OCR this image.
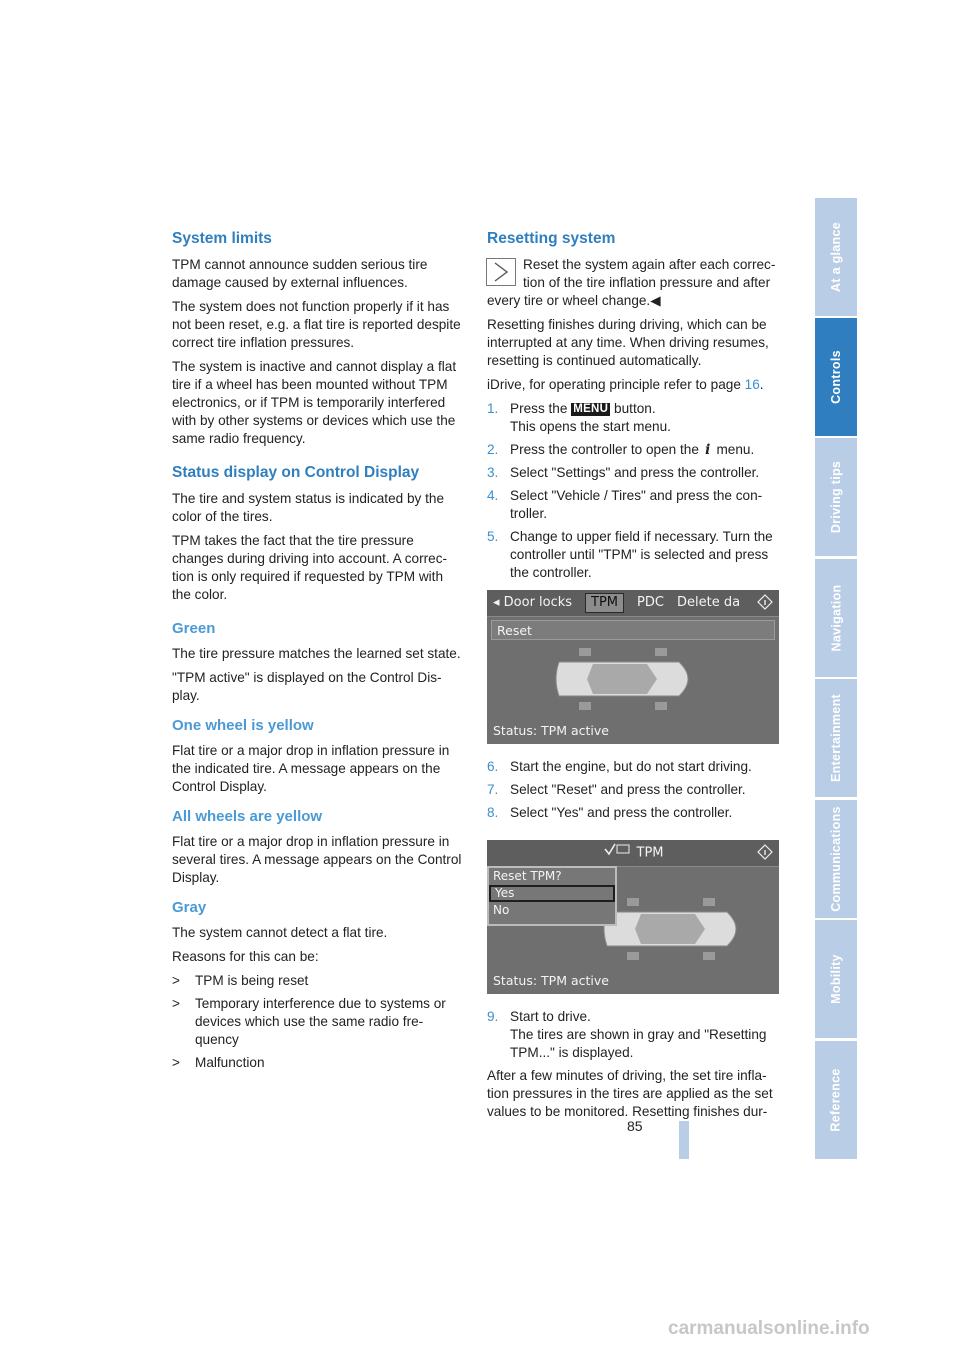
System limits

TPM cannot announce sudden serious tire damage caused by external influences.

The system does not function properly if it has not been reset, e.g. a flat tire is reported despite correct tire inflation pressures.

The system is inactive and cannot display a flat tire if a wheel has been mounted without TPM electronics, or if TPM is temporarily interfered with by other systems or devices which use the same radio frequency.

Status display on Control Display

The tire and system status is indicated by the color of the tires.

TPM takes the fact that the tire pressure changes during driving into account. A correc-tion is only required if requested by TPM with the color.

Green

The tire pressure matches the learned set state.

"TPM active" is displayed on the Control Dis-play.

One wheel is yellow

Flat tire or a major drop in inflation pressure in the indicated tire. A message appears on the Control Display.

All wheels are yellow

Flat tire or a major drop in inflation pressure in several tires. A message appears on the Control Display.

Gray

The system cannot detect a flat tire.

Reasons for this can be:

> TPM is being reset
> Temporary interference due to systems or devices which use the same radio fre-quency
> Malfunction
Resetting system
Reset the system again after each correc-tion of the tire inflation pressure and after
every tire or wheel change.◀

Resetting finishes during driving, which can be interrupted at any time. When driving resumes, resetting is continued automatically.

iDrive, for operating principle refer to page 16.

1. Press the MENU button.
This opens the start menu.
2. Press the controller to open the i menu.
3. Select "Settings" and press the controller.
4. Select "Vehicle / Tires" and press the con-troller.
5. Change to upper field if necessary. Turn the controller until "TPM" is selected and press the controller.
◂ Door locks	TPM	PDC Delete da
Reset
Status: TPM active
6. Start the engine, but do not start driving.
7. Select "Reset" and press the controller.
8. Select "Yes" and press the controller.
TPM
Reset TPM?
Yes
No
Status: TPM active
9. Start to drive.
The tires are shown in gray and "Resetting TPM..." is displayed.

After a few minutes of driving, the set tire infla-tion pressures in the tires are applied as the set values to be monitored. Resetting finishes dur-

At a glance
Controls
Driving tips
Navigation
Entertainment
Communications
Mobility
Reference
85
carmanualsonline.info
